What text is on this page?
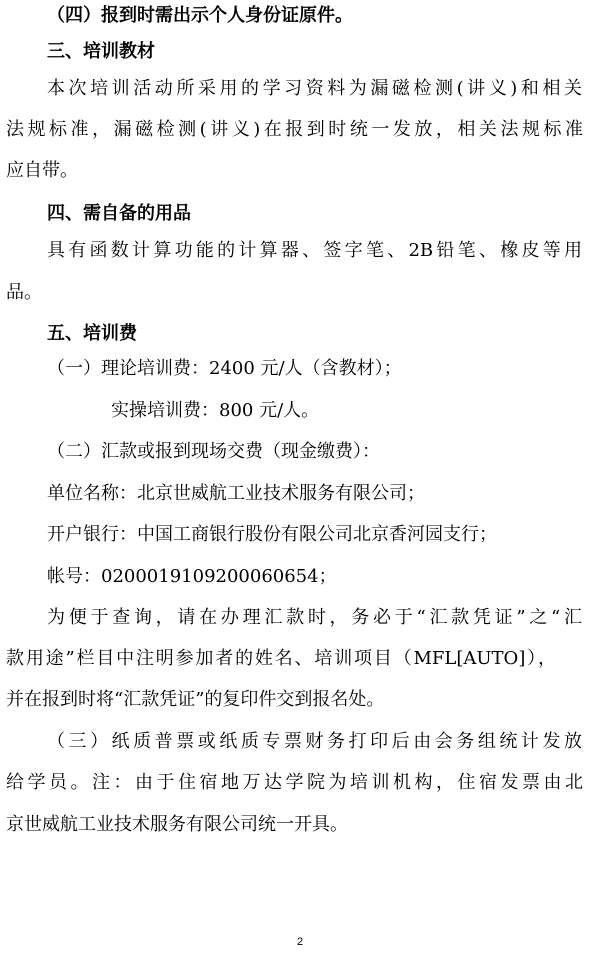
（四）报到时需出示个人身份证原件。
三、培训教材
本次培训活动所采用的学习资料为漏磁检测(讲义)和相关
法规标准，漏磁检测(讲义)在报到时统一发放，相关法规标准
应自带。
四、需自备的用品
具有函数计算功能的计算器、签字笔、2B铅笔、橡皮等用
品。
五、培训费
（一）理论培训费：2400 元/人（含教材）；
实操培训费：800 元/人。
（二）汇款或报到现场交费（现金缴费）：
单位名称：北京世威航工业技术服务有限公司；
开户银行：中国工商银行股份有限公司北京香河园支行；
帐号：0200019109200060654；
为便于查询，请在办理汇款时，务必于“汇款凭证”之“汇
款用途”栏目中注明参加者的姓名、培训项目（MFL[AUTO]），
并在报到时将“汇款凭证”的复印件交到报名处。
（三）纸质普票或纸质专票财务打印后由会务组统计发放
给学员。注：由于住宿地万达学院为培训机构，住宿发票由北
京世威航工业技术服务有限公司统一开具。
2
